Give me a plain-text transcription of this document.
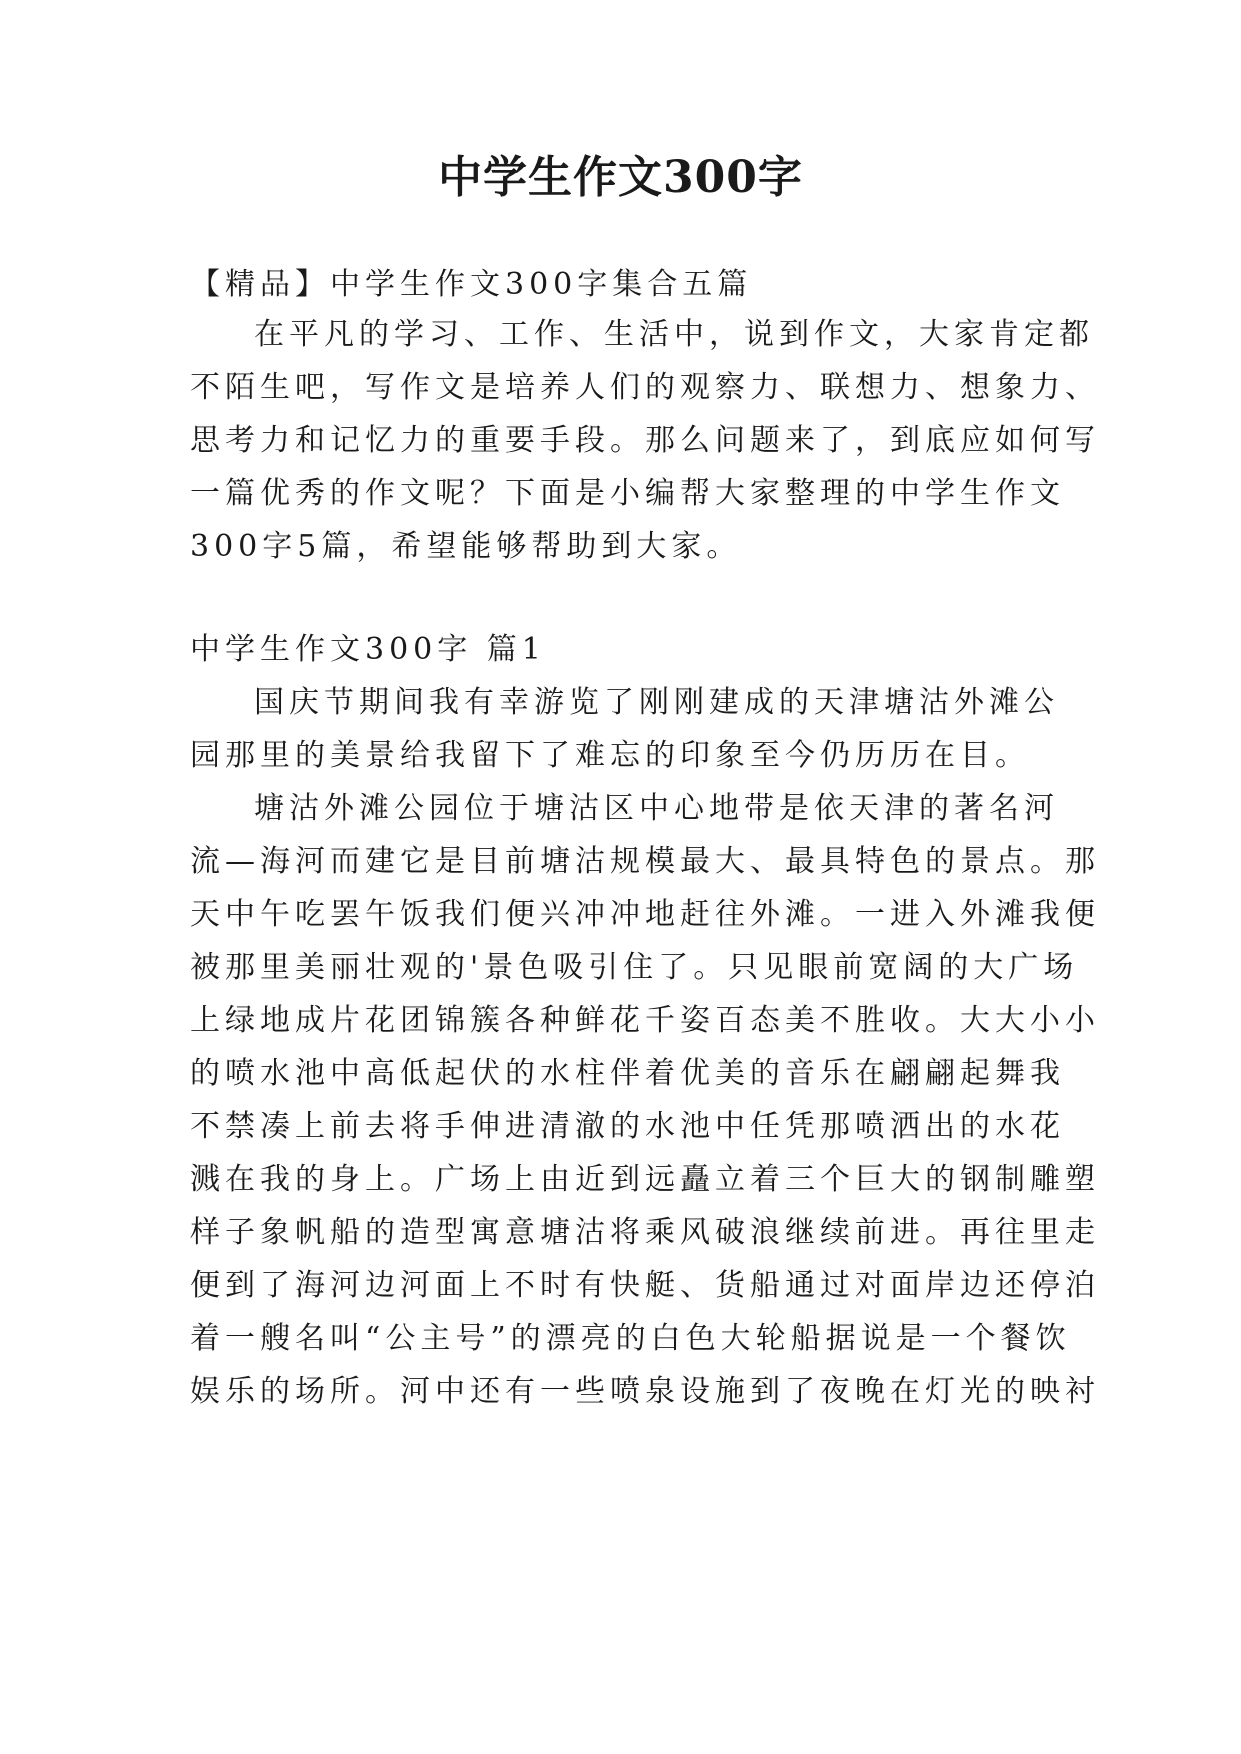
中学生作文300字

【精品】中学生作文300字集合五篇

在平凡的学习、工作、生活中，说到作文，大家肯定都

不陌生吧，写作文是培养人们的观察力、联想力、想象力、

思考力和记忆力的重要手段。那么问题来了，到底应如何写

一篇优秀的作文呢？下面是小编帮大家整理的中学生作文

300字5篇，希望能够帮助到大家。

中学生作文300字 篇1

国庆节期间我有幸游览了刚刚建成的天津塘沽外滩公

园那里的美景给我留下了难忘的印象至今仍历历在目。

塘沽外滩公园位于塘沽区中心地带是依天津的著名河

流—海河而建它是目前塘沽规模最大、最具特色的景点。那

天中午吃罢午饭我们便兴冲冲地赶往外滩。一进入外滩我便

被那里美丽壮观的'景色吸引住了。只见眼前宽阔的大广场

上绿地成片花团锦簇各种鲜花千姿百态美不胜收。大大小小

的喷水池中高低起伏的水柱伴着优美的音乐在翩翩起舞我

不禁凑上前去将手伸进清澈的水池中任凭那喷洒出的水花

溅在我的身上。广场上由近到远矗立着三个巨大的钢制雕塑

样子象帆船的造型寓意塘沽将乘风破浪继续前进。再往里走

便到了海河边河面上不时有快艇、货船通过对面岸边还停泊

着一艘名叫“公主号”的漂亮的白色大轮船据说是一个餐饮

娱乐的场所。河中还有一些喷泉设施到了夜晚在灯光的映衬
